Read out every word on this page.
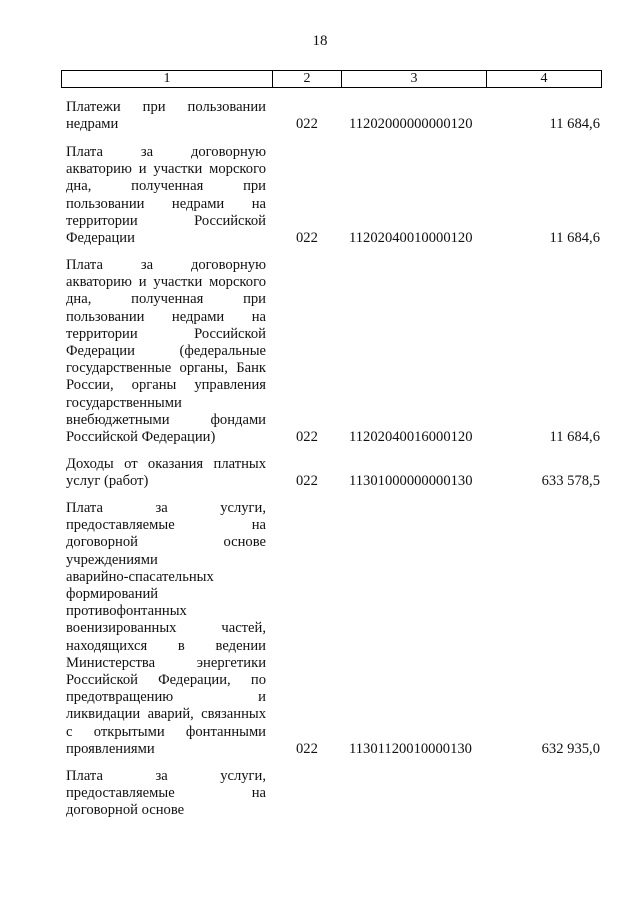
18
1	2	3	4
Платежи при пользовании
недрами	022 11202000000000120	11 684,6
Плата за договорную
акваторию и участки морского
дна, полученная при
пользовании недрами на
территории Российской
Федерации	022 11202040010000120	11 684,6
Плата за договорную
акваторию и участки морского
дна, полученная при
пользовании недрами на
территории Российской
Федерации (федеральные
государственные органы, Банк
России, органы управления
государственными
внебюджетными фондами
Российской Федерации)	022 11202040016000120	11 684,6
Доходы от оказания платных
услуг (работ)	022 11301000000000130	633 578,5
Плата за услуги,
предоставляемые на
договорной основе
учреждениями
аварийно-спасательных
формирований
противофонтанных
военизированных частей,
находящихся в ведении
Министерства энергетики
Российской Федерации, по
предотвращению и
ликвидации аварий, связанных
с открытыми фонтанными
проявлениями	022 11301120010000130	632 935,0
Плата за услуги,
предоставляемые на
договорной основе
